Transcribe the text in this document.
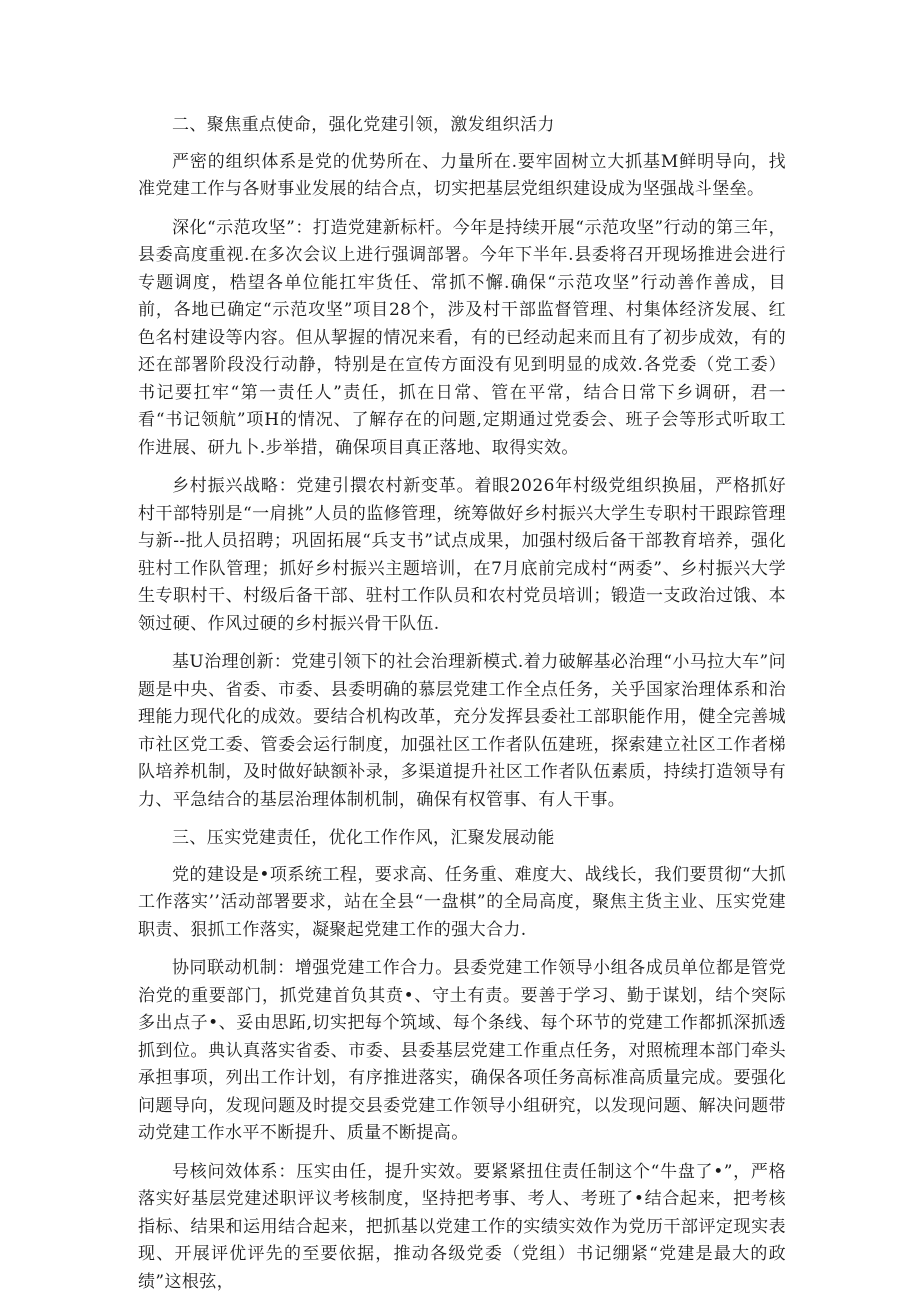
二、聚焦重点使命，强化党建引领，激发组织活力

严密的组织体系是党的优势所在、力量所在.要牢固树立大抓基M鲜明导向，找准党建工作与各财事业发展的结合点，切实把基层党组织建设成为坚强战斗堡垒。

深化“示范攻坚”：打造党建新标杆。今年是持续开展“示范攻坚”行动的第三年，县委高度重视.在多次会议上进行强调部署。今年下半年.县委将召开现场推进会进行专题调度，梏望各单位能扛牢货任、常抓不懈.确保“示范攻坚”行动善作善成，目前，各地已确定“示范攻坚”项目28个，涉及村干部监督管理、村集体经济发展、红色名村建设等内容。但从挈握的情况来看，有的已经动起来而且有了初步成效，有的还在部署阶段没行动静，特别是在宣传方面没有见到明显的成效.各党委（党工委）书记要扛牢“第一责任人”责任，抓在日常、管在平常，结合日常下乡调研，君一看“书记领航”项H的情况、了解存在的问题,定期通过党委会、班子会等形式听取工作进展、研九卜.步举措，确保项目真正落地、取得实效。

乡村振兴战略：党建引擐农村新变革。着眼2026年村级党组织换届，严格抓好村干部特别是“一肩挑”人员的监修管理，统筹做好乡村振兴大学生专职村干跟踪管理与新--批人员招聘；巩固拓展“兵支书”试点成果，加强村级后备干部教育培养，强化驻村工作队管理；抓好乡村振兴主题培训，在7月底前完成村“两委”、乡村振兴大学生专职村干、村级后备干部、驻村工作队员和农村党员培训；锻造一支政治过饿、本领过硬、作风过硬的乡村振兴骨干队伍.

基U治理创新：党建引领下的社会治理新模式.着力破解基必治理“小马拉大车”问题是中央、省委、市委、县委明确的慕层党建工作全点任务，关乎国家治理体系和治理能力现代化的成效。要结合机构改革，充分发挥县委社工部职能作用，健全完善城市社区党工委、管委会运行制度，加强社区工作者队伍建班，探索建立社区工作者梯队培养机制，及时做好缺额补录，多渠道提升社区工作者队伍素质，持续打造领导有力、平急结合的基层治理体制机制，确保有权管事、有人干事。

三、压实党建责任，优化工作作风，汇聚发展动能

党的建设是•项系统工程，要求高、任务重、难度大、战线长，我们要贯彻“大抓工作落实’’活动部署要求，站在全县“一盘棋”的全局高度，聚焦主货主业、压实党建职责、狠抓工作落实，凝聚起党建工作的强大合力.

协同联动机制：增强党建工作合力。县委党建工作领导小组各成员单位都是管党治党的重要部门，抓党建首负其贲•、守土有责。要善于学习、勤于谋划，结个突际多出点子•、妥由思跖,切实把每个筑域、每个条线、每个环节的党建工作都抓深抓透抓到位。典认真落实省委、市委、县委基层党建工作重点任务，对照梳理本部门牵头承担事项，列出工作计划，有序推进落实，确保各项任务高标准高质量完成。要强化问题导向，发现问题及时提交县委党建工作领导小组研究，以发现问题、解决问题带动党建工作水平不断提升、质量不断提高。

号核问效体系：压实由任，提升实效。要紧紧扭住责任制这个“牛盘了•”，严格落实好基层党建述职评议考核制度，坚持把考事、考人、考班了•结合起来，把考核指标、结果和运用结合起来，把抓基以党建工作的实绩实效作为党历干部评定现实表现、开展评优评先的至要依据，推动各级党委（党组）书记绷紧“党建是最大的政绩”这根弦，
